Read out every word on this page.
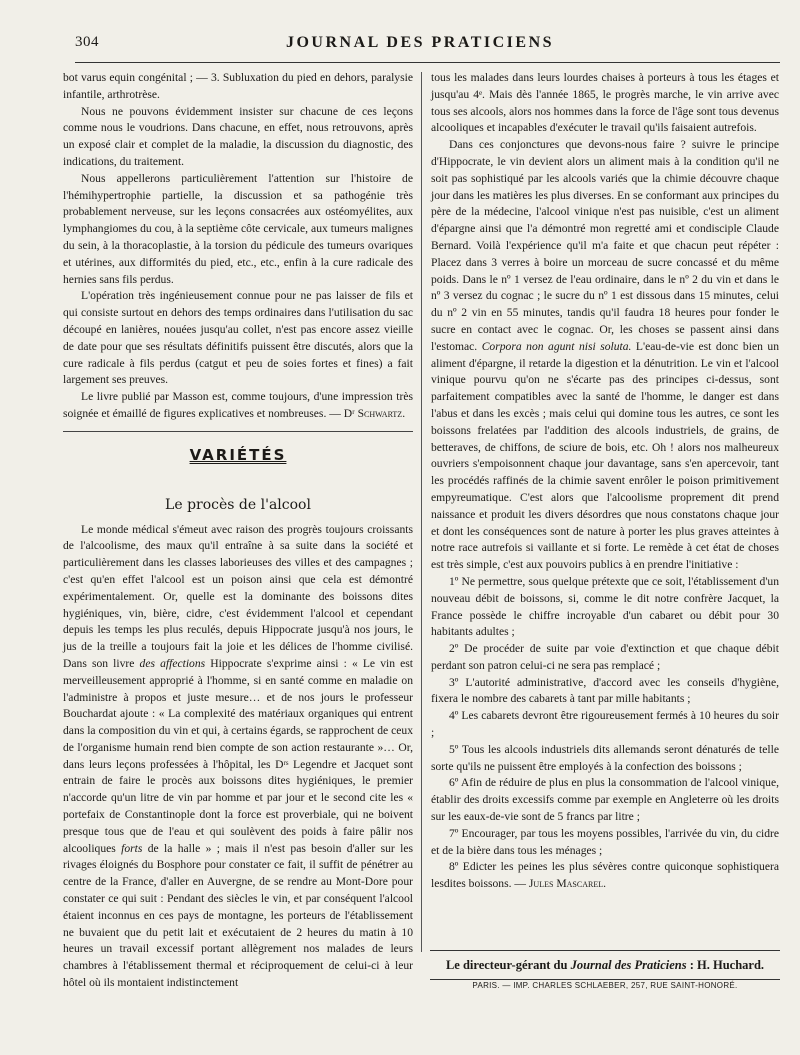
304	JOURNAL DES PRATICIENS

bot varus equin congénital ; — 3. Subluxation du pied en dehors, paralysie infantile, arthrotrèse.

Nous ne pouvons évidemment insister sur chacune de ces leçons comme nous le voudrions. Dans chacune, en effet, nous retrouvons, après un exposé clair et complet de la maladie, la discussion du diagnostic, des indications, du traitement.

Nous appellerons particulièrement l'attention sur l'histoire de l'hémihypertrophie partielle, la discussion et sa pathogénie très probablement nerveuse, sur les leçons consacrées aux ostéomyélites, aux lymphangiomes du cou, à la septième côte cervicale, aux tumeurs malignes du sein, à la thoracoplastie, à la torsion du pédicule des tumeurs ovariques et utérines, aux difformités du pied, etc., etc., enfin à la cure radicale des hernies sans fils perdus.

L'opération très ingénieusement connue pour ne pas laisser de fils et qui consiste surtout en dehors des temps ordinaires dans l'utilisation du sac découpé en lanières, nouées jusqu'au collet, n'est pas encore assez vieille de date pour que ses résultats définitifs puissent être discutés, alors que la cure radicale à fils perdus (catgut et peu de soies fortes et fines) a fait largement ses preuves.

Le livre publié par Masson est, comme toujours, d'une impression très soignée et émaillé de figures explicatives et nombreuses. — Dʳ Schwartz.

VARIÉTÉS
Le procès de l'alcool

Le monde médical s'émeut avec raison des progrès toujours croissants de l'alcoolisme, des maux qu'il entraîne à sa suite dans la société et particulièrement dans les classes laborieuses des villes et des campagnes ; c'est qu'en effet l'alcool est un poison ainsi que cela est démontré expérimentalement. Or, quelle est la dominante des boissons dites hygiéniques, vin, bière, cidre, c'est évidemment l'alcool et cependant depuis les temps les plus reculés, depuis Hippocrate jusqu'à nos jours, le jus de la treille a toujours fait la joie et les délices de l'homme civilisé. Dans son livre des affections Hippocrate s'exprime ainsi : « Le vin est merveilleusement approprié à l'homme, si en santé comme en maladie on l'administre à propos et juste mesure… et de nos jours le professeur Bouchardat ajoute : « La complexité des matériaux organiques qui entrent dans la composition du vin et qui, à certains égards, se rapprochent de ceux de l'organisme humain rend bien compte de son action restaurante »… Or, dans leurs leçons professées à l'hôpital, les Dʳˢ Legendre et Jacquet sont entrain de faire le procès aux boissons dites hygiéniques, le premier n'accorde qu'un litre de vin par homme et par jour et le second cite les « portefaix de Constantinople dont la force est proverbiale, qui ne boivent presque tous que de l'eau et qui soulèvent des poids à faire pâlir nos alcooliques forts de la halle » ; mais il n'est pas besoin d'aller sur les rivages éloignés du Bosphore pour constater ce fait, il suffit de pénétrer au centre de la France, d'aller en Auvergne, de se rendre au Mont-Dore pour constater ce qui suit : Pendant des siècles le vin, et par conséquent l'alcool étaient inconnus en ces pays de montagne, les porteurs de l'établissement ne buvaient que du petit lait et exécutaient de 2 heures du matin à 10 heures un travail excessif portant allègrement nos malades de leurs chambres à l'établissement thermal et réciproquement de celui-ci à leur hôtel où ils montaient indistinctement

tous les malades dans leurs lourdes chaises à porteurs à tous les étages et jusqu'au 4ᵉ. Mais dès l'année 1865, le progrès marche, le vin arrive avec tous ses alcools, alors nos hommes dans la force de l'âge sont tous devenus alcooliques et incapables d'exécuter le travail qu'ils faisaient autrefois.

Dans ces conjonctures que devons-nous faire ? suivre le principe d'Hippocrate, le vin devient alors un aliment mais à la condition qu'il ne soit pas sophistiqué par les alcools variés que la chimie découvre chaque jour dans les matières les plus diverses. En se conformant aux principes du père de la médecine, l'alcool vinique n'est pas nuisible, c'est un aliment d'épargne ainsi que l'a démontré mon regretté ami et condisciple Claude Bernard. Voilà l'expérience qu'il m'a faite et que chacun peut répéter : Placez dans 3 verres à boire un morceau de sucre concassé et du même poids. Dans le nº 1 versez de l'eau ordinaire, dans le nº 2 du vin et dans le nº 3 versez du cognac ; le sucre du nº 1 est dissous dans 15 minutes, celui du nº 2 vin en 55 minutes, tandis qu'il faudra 18 heures pour fonder le sucre en contact avec le cognac. Or, les choses se passent ainsi dans l'estomac. Corpora non agunt nisi soluta. L'eau-de-vie est donc bien un aliment d'épargne, il retarde la digestion et la dénutrition. Le vin et l'alcool vinique pourvu qu'on ne s'écarte pas des principes ci-dessus, sont parfaitement compatibles avec la santé de l'homme, le danger est dans l'abus et dans les excès ; mais celui qui domine tous les autres, ce sont les boissons frelatées par l'addition des alcools industriels, de grains, de betteraves, de chiffons, de sciure de bois, etc. Oh ! alors nos malheureux ouvriers s'empoisonnent chaque jour davantage, sans s'en apercevoir, tant les procédés raffinés de la chimie savent enrôler le poison primitivement empyreumatique. C'est alors que l'alcoolisme proprement dit prend naissance et produit les divers désordres que nous constatons chaque jour et dont les conséquences sont de nature à porter les plus graves atteintes à notre race autrefois si vaillante et si forte. Le remède à cet état de choses est très simple, c'est aux pouvoirs publics à en prendre l'initiative :

1º Ne permettre, sous quelque prétexte que ce soit, l'établissement d'un nouveau débit de boissons, si, comme le dit notre confrère Jacquet, la France possède le chiffre incroyable d'un cabaret ou débit pour 30 habitants adultes ;

2º De procéder de suite par voie d'extinction et que chaque débit perdant son patron celui-ci ne sera pas remplacé ;

3º L'autorité administrative, d'accord avec les conseils d'hygiène, fixera le nombre des cabarets à tant par mille habitants ;

4º Les cabarets devront être rigoureusement fermés à 10 heures du soir ;

5º Tous les alcools industriels dits allemands seront dénaturés de telle sorte qu'ils ne puissent être employés à la confection des boissons ;

6º Afin de réduire de plus en plus la consommation de l'alcool vinique, établir des droits excessifs comme par exemple en Angleterre où les droits sur les eaux-de-vie sont de 5 francs par litre ;

7º Encourager, par tous les moyens possibles, l'arrivée du vin, du cidre et de la bière dans tous les ménages ;

8º Edicter les peines les plus sévères contre quiconque sophistiquera lesdites boissons. — Jules Mascarel.

Le directeur-gérant du Journal des Praticiens : H. Huchard.
PARIS. — IMP. CHARLES SCHLAEBER, 257, RUE SAINT-HONORÉ.
